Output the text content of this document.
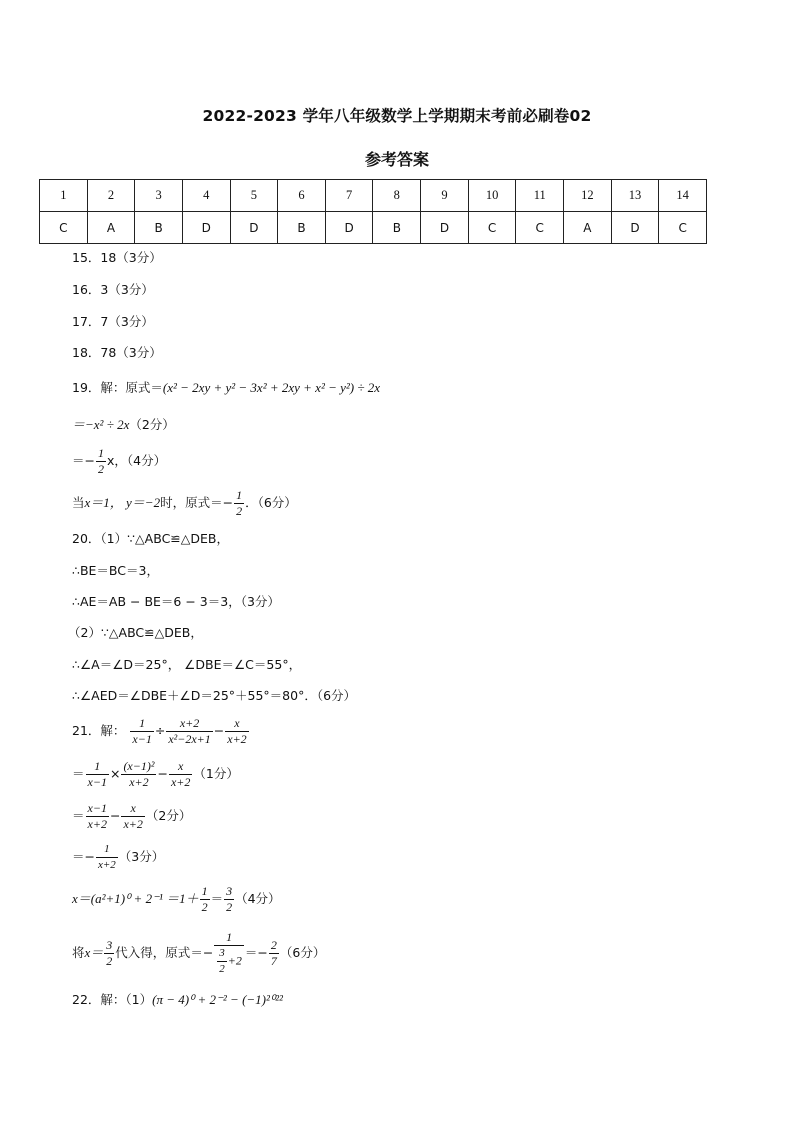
2022-2023 学年八年级数学上学期期末考前必刷卷02
参考答案
1	2	3	4	5	6	7	8	9	10	11	12	13	14
C	A	B	D	D	B	D	B	D	C	C	A	D	C
15．18（3分）
16．3（3分）
17．7（3分）
18．78（3分）
19．解：原式＝(x² − 2xy + y² − 3x² + 2xy + x² − y²) ÷ 2x
＝−x² ÷ 2x（2分）
＝− $\frac{1}{2}$ x，（4分）
当x＝1， y＝−2时，原式＝− $\frac{1}{2}$ ．（6分）
20．（1）∵△ABC≌△DEB，
∴BE＝BC＝3，
∴AE＝AB − BE＝6 − 3＝3，（3分）
（2）∵△ABC≌△DEB，
∴∠A＝∠D＝25°， ∠DBE＝∠C＝55°，
∴∠AED＝∠DBE＋∠D＝25°＋55°＝80°．（6分）
21．解： $\frac{1}{x-1} \div \frac{x+2}{\text{x²−2x+1}} - \frac{x}{x+2}$
＝ $\frac{1}{x-1} \times \frac{\text{(x−1)²}}{x+2} - \frac{x}{x+2} (1$分）
＝ $\frac{x-1}{x+2} - \frac{x}{x+2} (2$分）
＝− $\frac{1}{x+2} (3$分）
$x=(a^2+1)^0 + 2^{-1} =1+ \frac{1}{2} = \frac{3}{2} (4$分）
将$x= \frac{3}{2}$ 代入得，原式＝− $\frac{1}{\frac{3}{2} +2} =- \frac{2}{7} (6$分）
22．解：（1）(π − 4)⁰ + 2⁻² − (−1)²⁰²²
